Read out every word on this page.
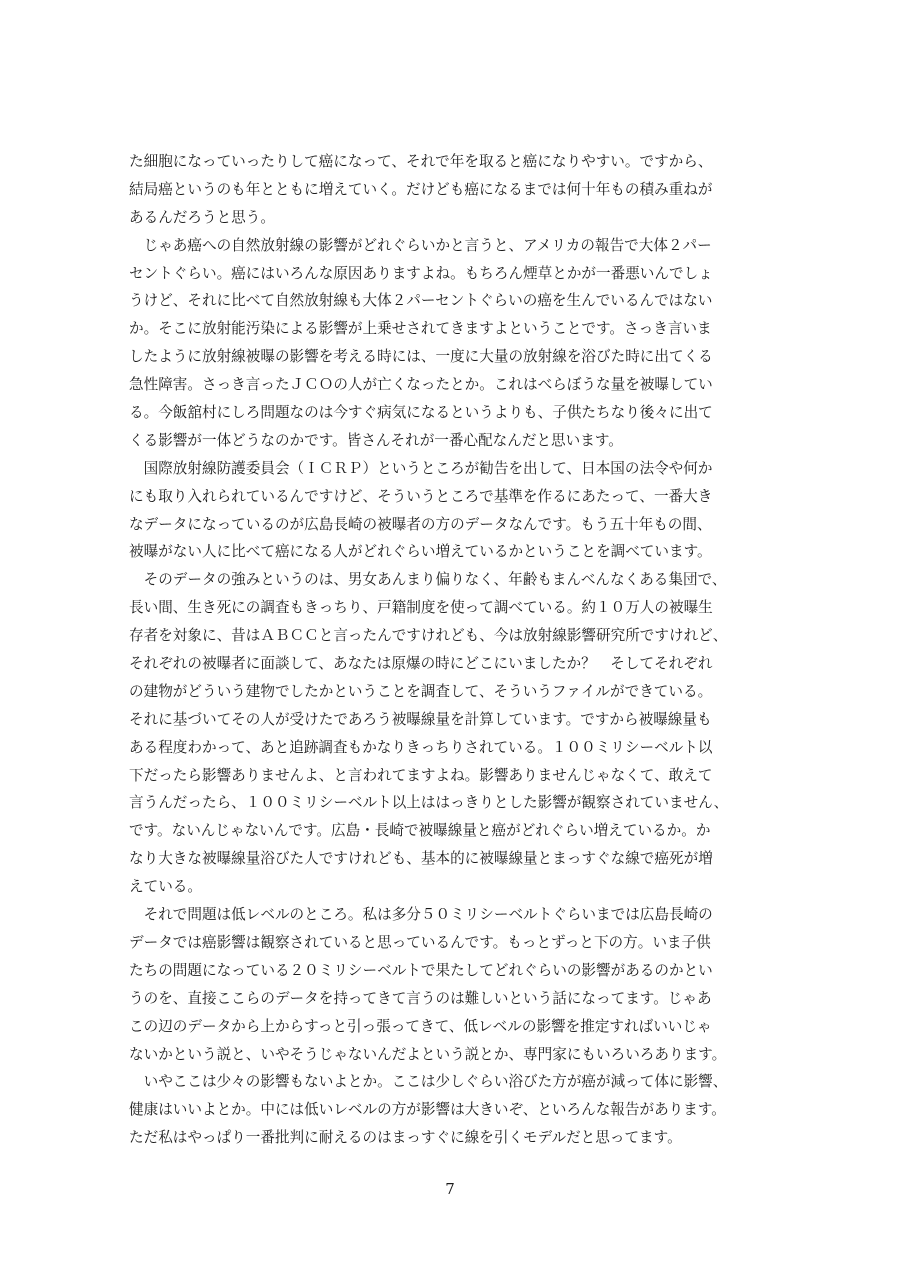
た細胞になっていったりして癌になって、それで年を取ると癌になりやすい。ですから、
結局癌というのも年とともに増えていく。だけども癌になるまでは何十年もの積み重ねが
あるんだろうと思う。
　じゃあ癌への自然放射線の影響がどれぐらいかと言うと、アメリカの報告で大体２パー
セントぐらい。癌にはいろんな原因ありますよね。もちろん煙草とかが一番悪いんでしょ
うけど、それに比べて自然放射線も大体２パーセントぐらいの癌を生んでいるんではない
か。そこに放射能汚染による影響が上乗せされてきますよということです。さっき言いま
したように放射線被曝の影響を考える時には、一度に大量の放射線を浴びた時に出てくる
急性障害。さっき言ったＪＣＯの人が亡くなったとか。これはべらぼうな量を被曝してい
る。今飯舘村にしろ問題なのは今すぐ病気になるというよりも、子供たちなり後々に出て
くる影響が一体どうなのかです。皆さんそれが一番心配なんだと思います。
　国際放射線防護委員会（ＩＣＲＰ）というところが勧告を出して、日本国の法令や何か
にも取り入れられているんですけど、そういうところで基準を作るにあたって、一番大き
なデータになっているのが広島長崎の被曝者の方のデータなんです。もう五十年もの間、
被曝がない人に比べて癌になる人がどれぐらい増えているかということを調べています。
　そのデータの強みというのは、男女あんまり偏りなく、年齢もまんべんなくある集団で、
長い間、生き死にの調査もきっちり、戸籍制度を使って調べている。約１０万人の被曝生
存者を対象に、昔はＡＢＣＣと言ったんですけれども、今は放射線影響研究所ですけれど、
それぞれの被曝者に面談して、あなたは原爆の時にどこにいましたか？　そしてそれぞれ
の建物がどういう建物でしたかということを調査して、そういうファイルができている。
それに基づいてその人が受けたであろう被曝線量を計算しています。ですから被曝線量も
ある程度わかって、あと追跡調査もかなりきっちりされている。１００ミリシーベルト以
下だったら影響ありませんよ、と言われてますよね。影響ありませんじゃなくて、敢えて
言うんだったら、１００ミリシーベルト以上ははっきりとした影響が観察されていません、
です。ないんじゃないんです。広島・長崎で被曝線量と癌がどれぐらい増えているか。か
なり大きな被曝線量浴びた人ですけれども、基本的に被曝線量とまっすぐな線で癌死が増
えている。
　それで問題は低レベルのところ。私は多分５０ミリシーベルトぐらいまでは広島長崎の
データでは癌影響は観察されていると思っているんです。もっとずっと下の方。いま子供
たちの問題になっている２０ミリシーベルトで果たしてどれぐらいの影響があるのかとい
うのを、直接ここらのデータを持ってきて言うのは難しいという話になってます。じゃあ
この辺のデータから上からすっと引っ張ってきて、低レベルの影響を推定すればいいじゃ
ないかという説と、いやそうじゃないんだよという説とか、専門家にもいろいろあります。
　いやここは少々の影響もないよとか。ここは少しぐらい浴びた方が癌が減って体に影響、
健康はいいよとか。中には低いレベルの方が影響は大きいぞ、といろんな報告があります。
ただ私はやっぱり一番批判に耐えるのはまっすぐに線を引くモデルだと思ってます。
7
